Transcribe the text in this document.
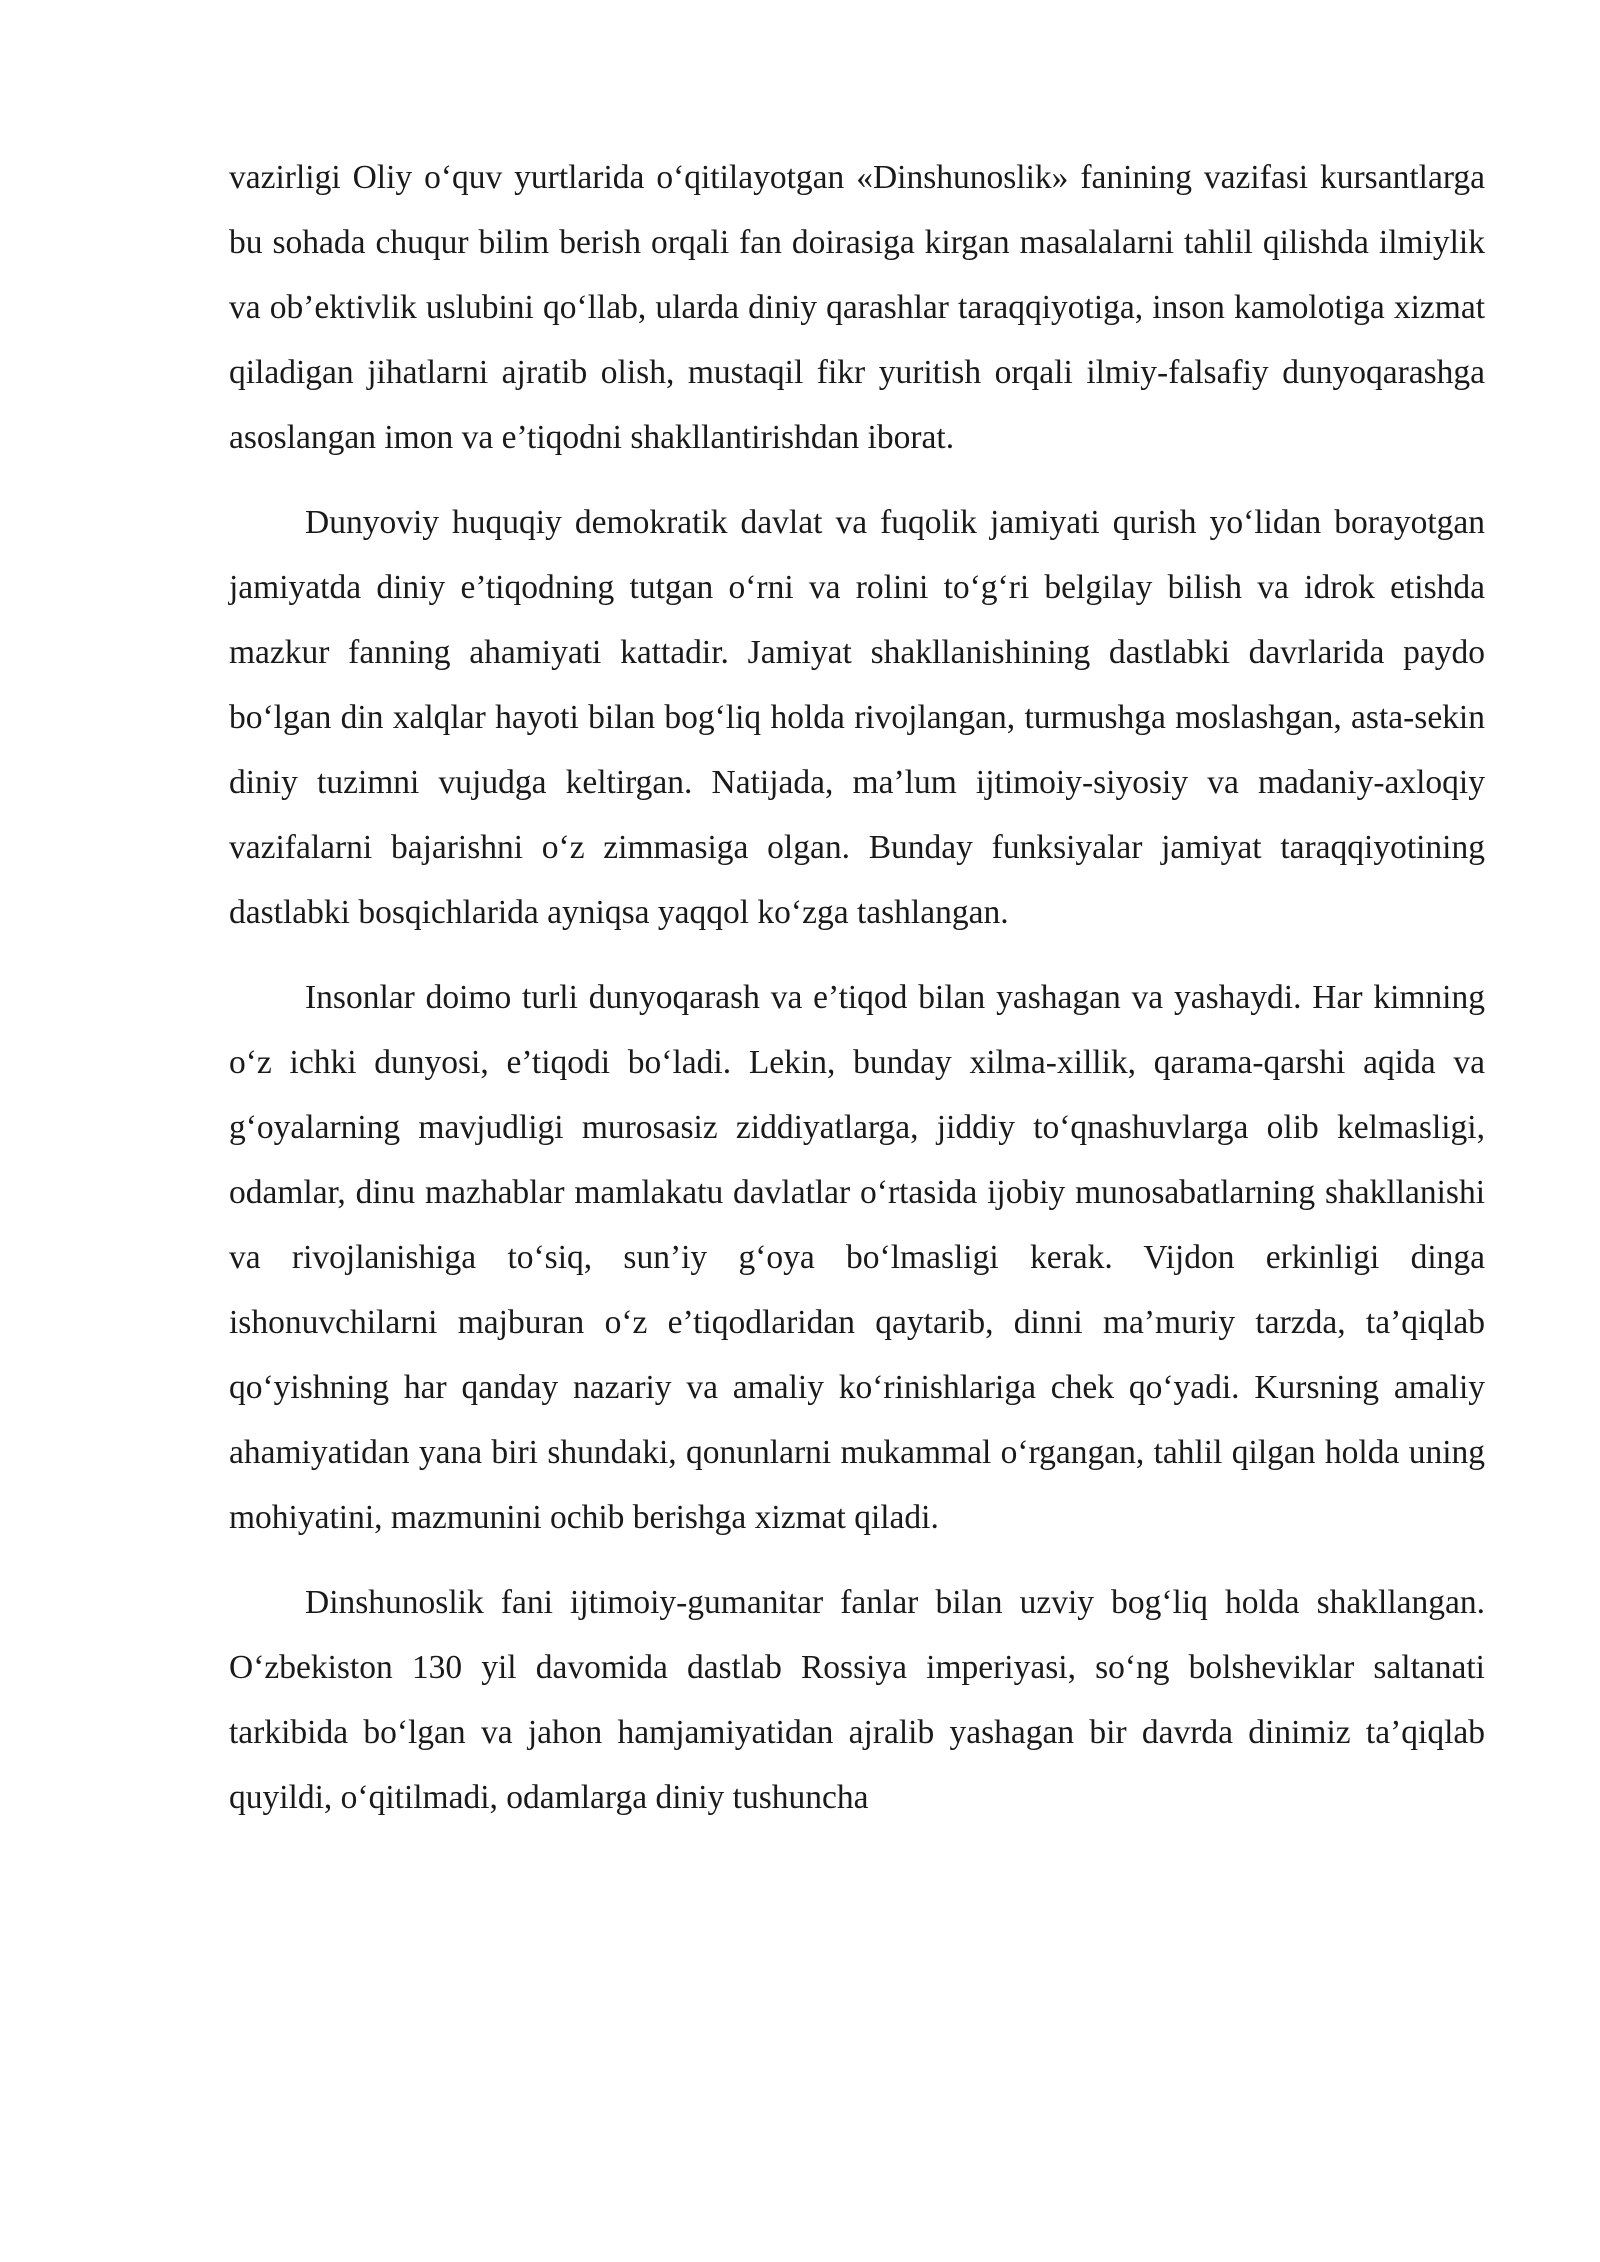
vazirligi Oliy o‘quv yurtlarida o‘qitilayotgan «Dinshunoslik» fanining vazifasi kursantlarga bu sohada chuqur bilim berish orqali fan doirasiga kirgan masalalarni tahlil qilishda ilmiylik va ob’ektivlik uslubini qo‘llab, ularda diniy qarashlar taraqqiyotiga, inson kamolotiga xizmat qiladigan jihatlarni ajratib olish, mustaqil fikr yuritish orqali ilmiy-falsafiy dunyoqarashga asoslangan imon va e’tiqodni shakllantirishdan iborat.

Dunyoviy huquqiy demokratik davlat va fuqolik jamiyati qurish yo‘lidan borayotgan jamiyatda diniy e’tiqodning tutgan o‘rni va rolini to‘g‘ri belgilay bilish va idrok etishda mazkur fanning ahamiyati kattadir. Jamiyat shakllanishining dastlabki davrlarida paydo bo‘lgan din xalqlar hayoti bilan bog‘liq holda rivojlangan, turmushga moslashgan, asta-sekin diniy tuzimni vujudga keltirgan. Natijada, ma’lum ijtimoiy-siyosiy va madaniy-axloqiy vazifalarni bajarishni o‘z zimmasiga olgan. Bunday funksiyalar jamiyat taraqqiyotining dastlabki bosqichlarida ayniqsa yaqqol ko‘zga tashlangan.

Insonlar doimo turli dunyoqarash va e’tiqod bilan yashagan va yashaydi. Har kimning o‘z ichki dunyosi, e’tiqodi bo‘ladi. Lekin, bunday xilma-xillik, qarama-qarshi aqida va g‘oyalarning mavjudligi murosasiz ziddiyatlarga, jiddiy to‘qnashuvlarga olib kelmasligi, odamlar, dinu mazhablar mamlakatu davlatlar o‘rtasida ijobiy munosabatlarning shakllanishi va rivojlanishiga to‘siq, sun’iy g‘oya bo‘lmasligi kerak. Vijdon erkinligi dinga ishonuvchilarni majburan o‘z e’tiqodlaridan qaytarib, dinni ma’muriy tarzda, ta’qiqlab qo‘yishning har qanday nazariy va amaliy ko‘rinishlariga chek qo‘yadi. Kursning amaliy ahamiyatidan yana biri shundaki, qonunlarni mukammal o‘rgangan, tahlil qilgan holda uning mohiyatini, mazmunini ochib berishga xizmat qiladi.

Dinshunoslik fani ijtimoiy-gumanitar fanlar bilan uzviy bog‘liq holda shakllangan. O‘zbekiston 130 yil davomida dastlab Rossiya imperiyasi, so‘ng bolsheviklar saltanati tarkibida bo‘lgan va jahon hamjamiyatidan ajralib yashagan bir davrda dinimiz ta’qiqlab quyildi, o‘qitilmadi, odamlarga diniy tushuncha
